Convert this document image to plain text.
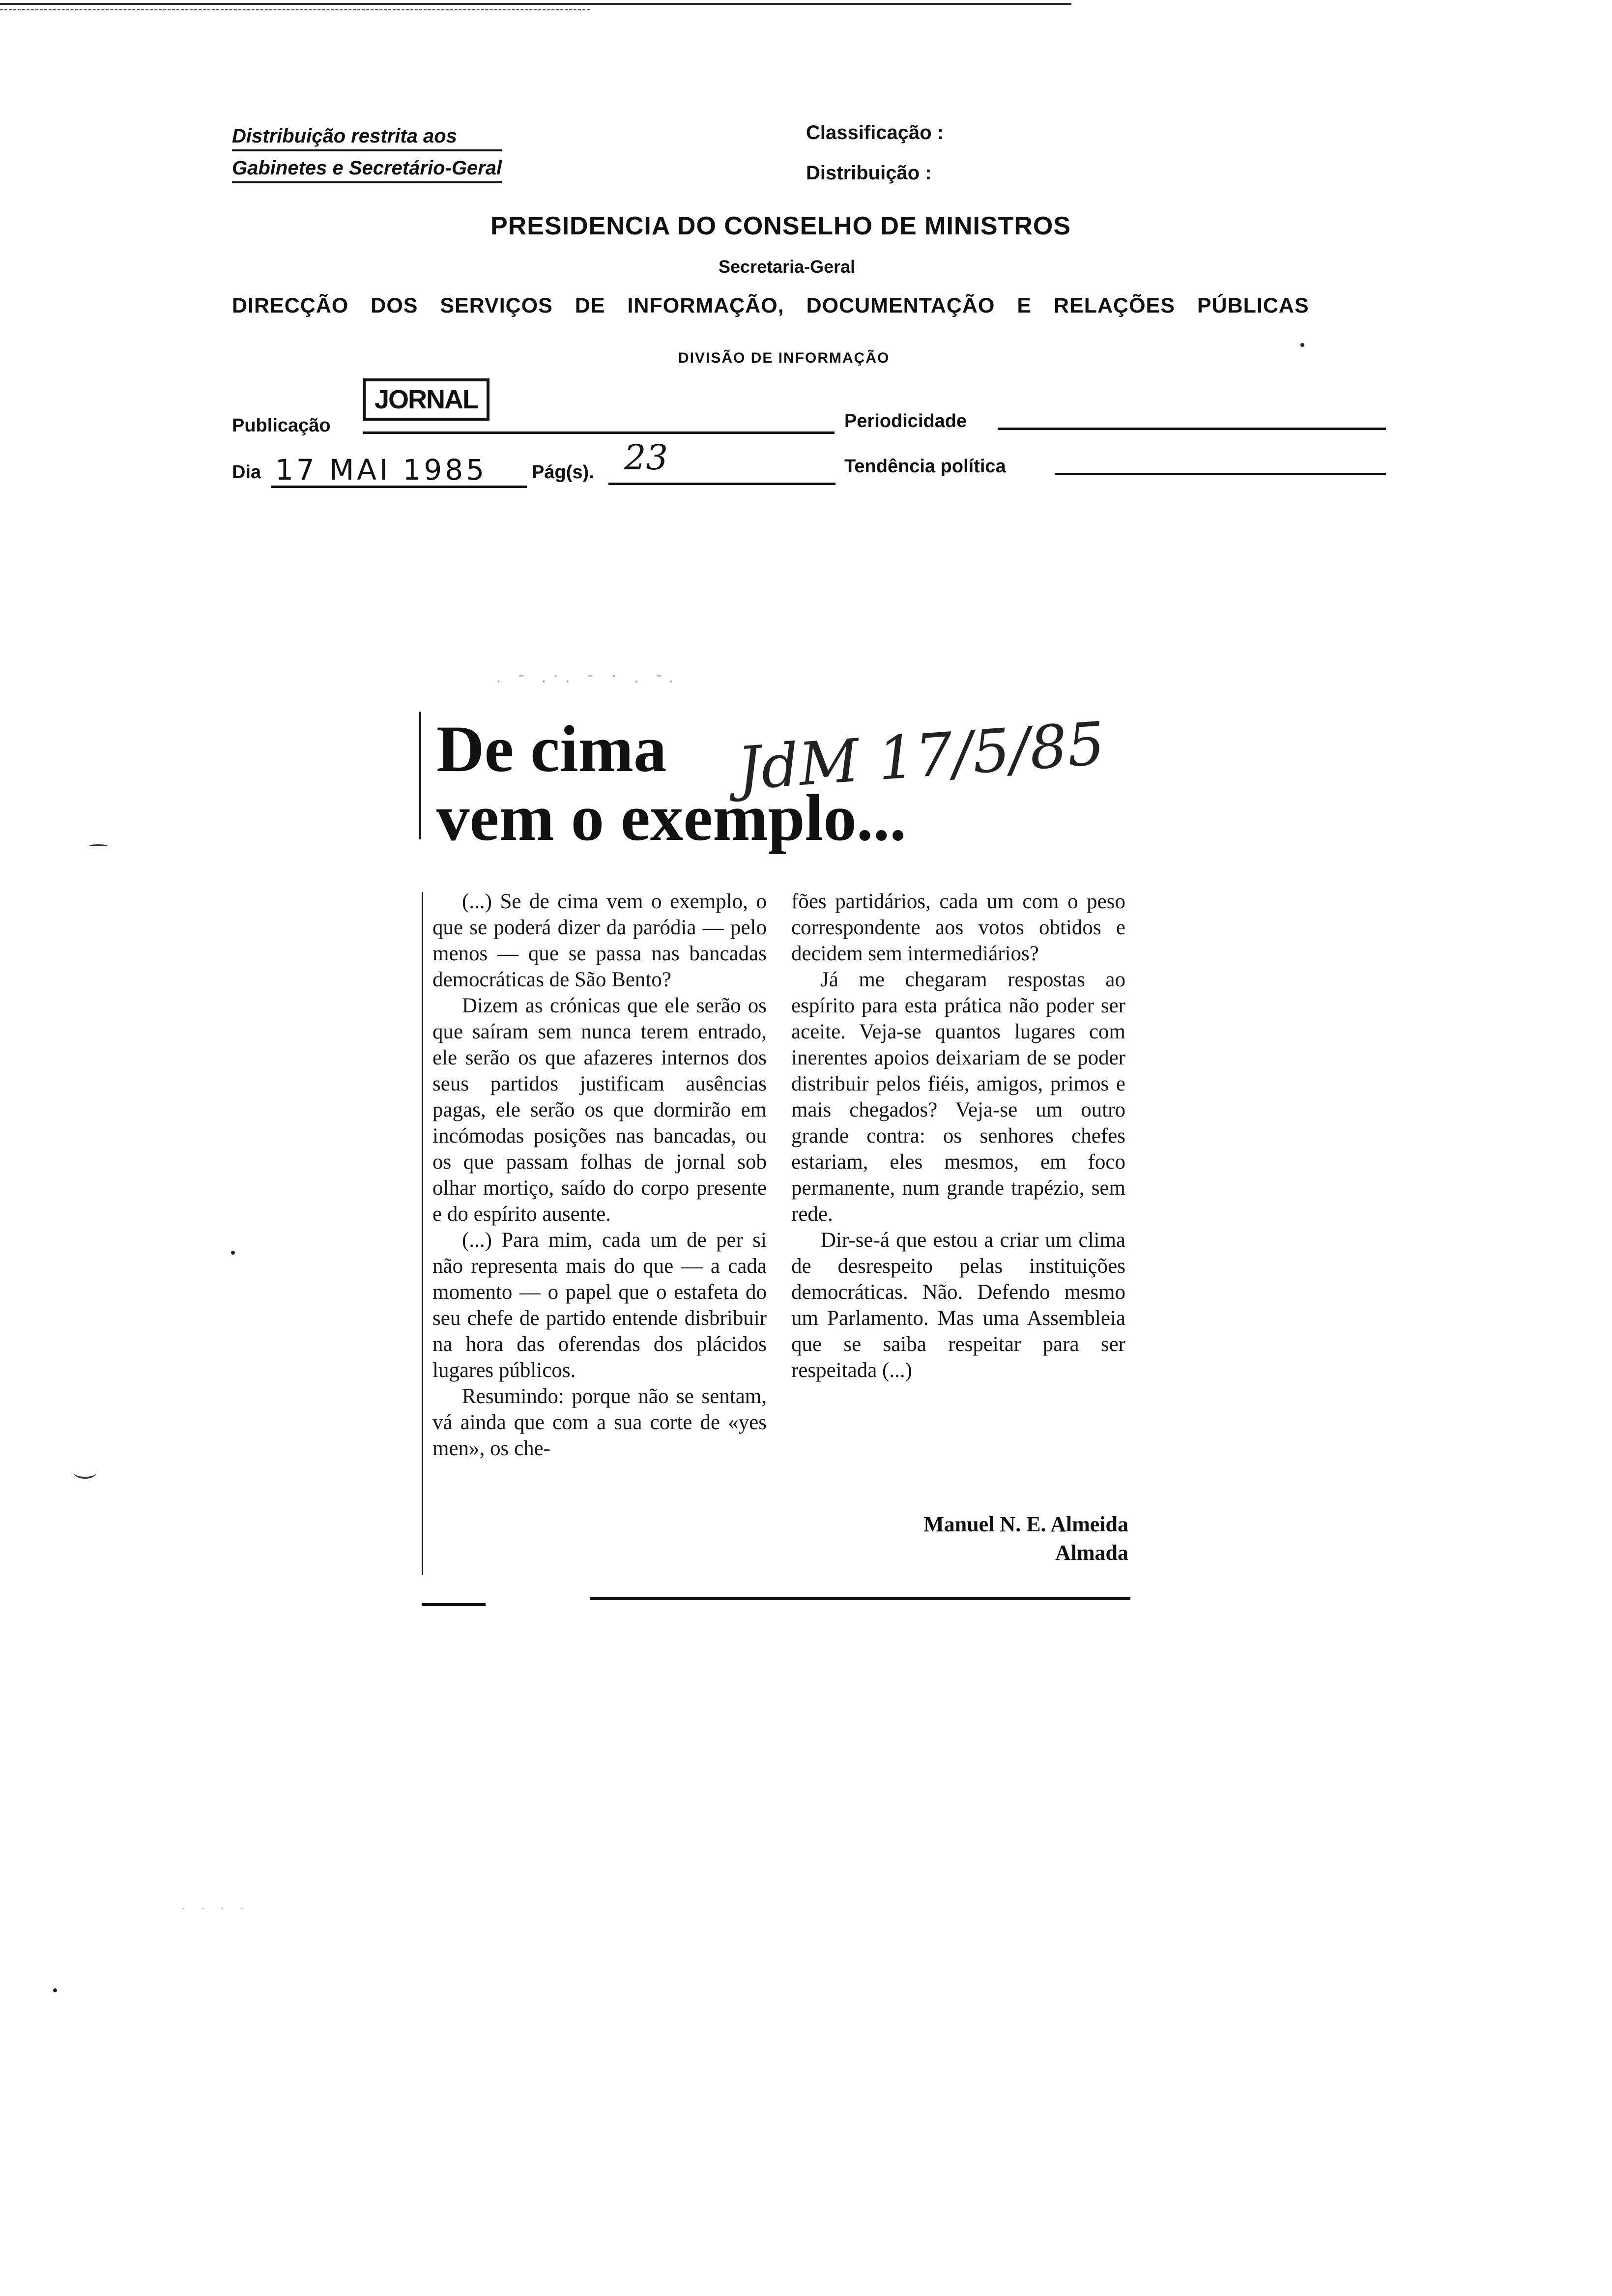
Distribuição restrita aos
Gabinetes e Secretário-Geral
Classificação :
Distribuição :
PRESIDENCIA DO CONSELHO DE MINISTROS
Secretaria-Geral
DIRECÇÃO DOS SERVIÇOS DE INFORMAÇÃO, DOCUMENTAÇÃO E RELAÇÕES PÚBLICAS
DIVISÃO DE INFORMAÇÃO
Publicação
JORNAL
Periodicidade
Dia 17 MAI 1985 Pág(s). 23	Tendência política
· ˉ ·˙· ˉ ˙ · ˉ·
De cima
vem o exemplo...
JdM 17/5/85

(...) Se de cima vem o exemplo, o que se poderá dizer da paródia — pelo menos — que se passa nas bancadas democráticas de São Bento?

Dizem as crónicas que ele serão os que saíram sem nunca terem entrado, ele serão os que afazeres internos dos seus partidos justificam ausências pagas, ele serão os que dormirão em incómodas posições nas bancadas, ou os que passam folhas de jornal sob olhar mortiço, saído do corpo presente e do espírito ausente.

(...) Para mim, cada um de per si não representa mais do que — a cada momento — o papel que o estafeta do seu chefe de partido entende disbribuir na hora das oferendas dos plácidos lugares públicos.

Resumindo: porque não se sentam, vá ainda que com a sua corte de «yes men», os che-

fões partidários, cada um com o peso correspondente aos votos obtidos e decidem sem intermediários?

Já me chegaram respostas ao espírito para esta prática não poder ser aceite. Veja-se quantos lugares com inerentes apoios deixariam de se poder distribuir pelos fiéis, amigos, primos e mais chegados? Veja-se um outro grande contra: os senhores chefes estariam, eles mesmos, em foco permanente, num grande trapézio, sem rede.

Dir-se-á que estou a criar um clima de desrespeito pelas instituições democráticas. Não. Defendo mesmo um Parlamento. Mas uma Assembleia que se saiba respeitar para ser respeitada (...)

Manuel N. E. Almeida
Almada
· · · ·
